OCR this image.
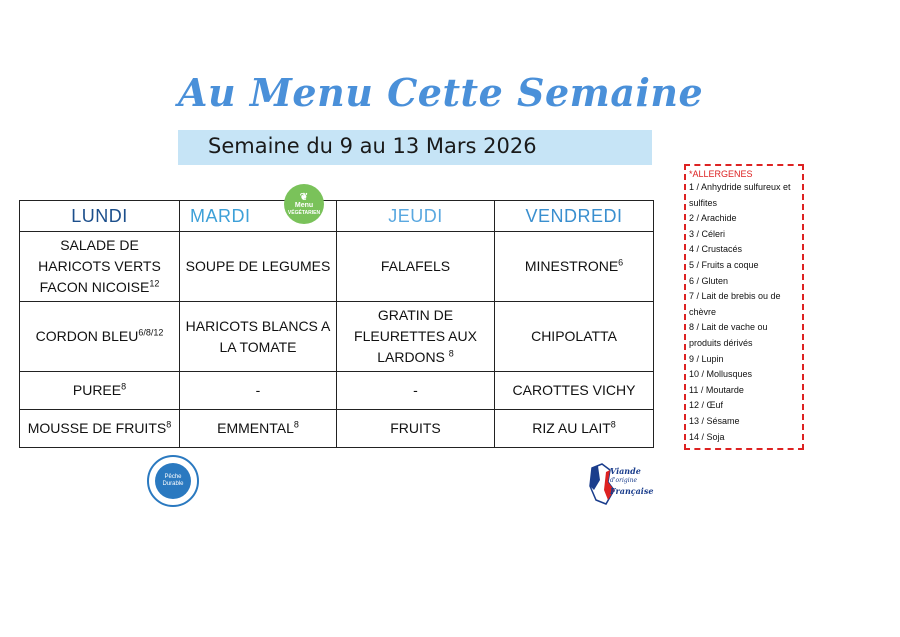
Au Menu Cette Semaine
Semaine du 9 au 13 Mars 2026
LUNDI	MARDI	JEUDI	VENDREDI
SALADE DE HARICOTS VERTS FACON NICOISE$^{12}$	SOUPE DE LEGUMES	FALAFELS	MINESTRONE$^6$
CORDON $BLEU^{6/8/12}$	HARICOTS BLANCS A LA TOMATE	GRATIN DE FLEURETTES AUX LARDONS $^8$	CHIPOLATTA
PUREE$^8$	-	-	CAROTTES VICHY
MOUSSE DE FRUITS$^8$	EMMENTAL$^8$	FRUITS	RIZ AU LAIT$^8$
❦
Menu
VÉGÉTARIEN
Pêche Durable
Viande
d'origine
Française
*ALLERGENES
1 / Anhydride sulfureux et sulfites
2 / Arachide
3 / Céleri
4 / Crustacés
5 / Fruits a coque
6 / Gluten
7 / Lait de brebis ou de chèvre
8 / Lait de vache ou produits dérivés
9 / Lupin
10 / Mollusques
11 / Moutarde
12 / Œuf
13 / Sésame
14 / Soja
